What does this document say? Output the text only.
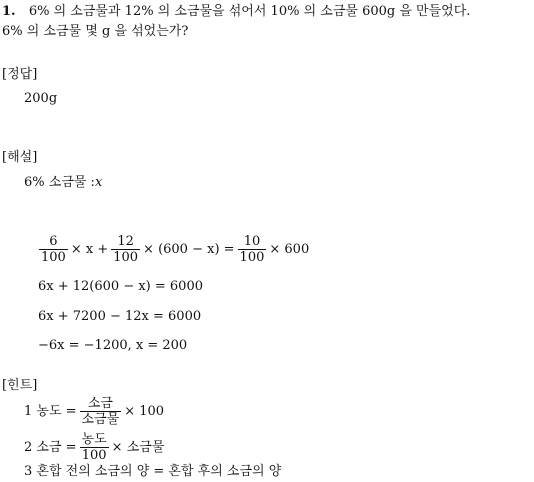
1. 6% 의 소금물과 12% 의 소금물을 섞어서 10% 의 소금물 600g 을 만들었다.
6% 의 소금물 몇 g 을 섞었는가?
[정답]
200g
[해설]
6% 소금물 :x
$\frac{6}{100} \times x + \frac{12}{100} \times (600 - x) = \frac{10}{100} \times 600$
6x + 12(600 − x) = 6000
6x + 7200 − 12x = 6000
−6x = −1200, x = 200
[힌트]
1 농도 = $\frac{\text{소금}}{\text{소금물}} \times 100$
2 소금 = $\frac{\text{농도}}{100}$ × 소금물
3 혼합 전의 소금의 양 = 혼합 후의 소금의 양
